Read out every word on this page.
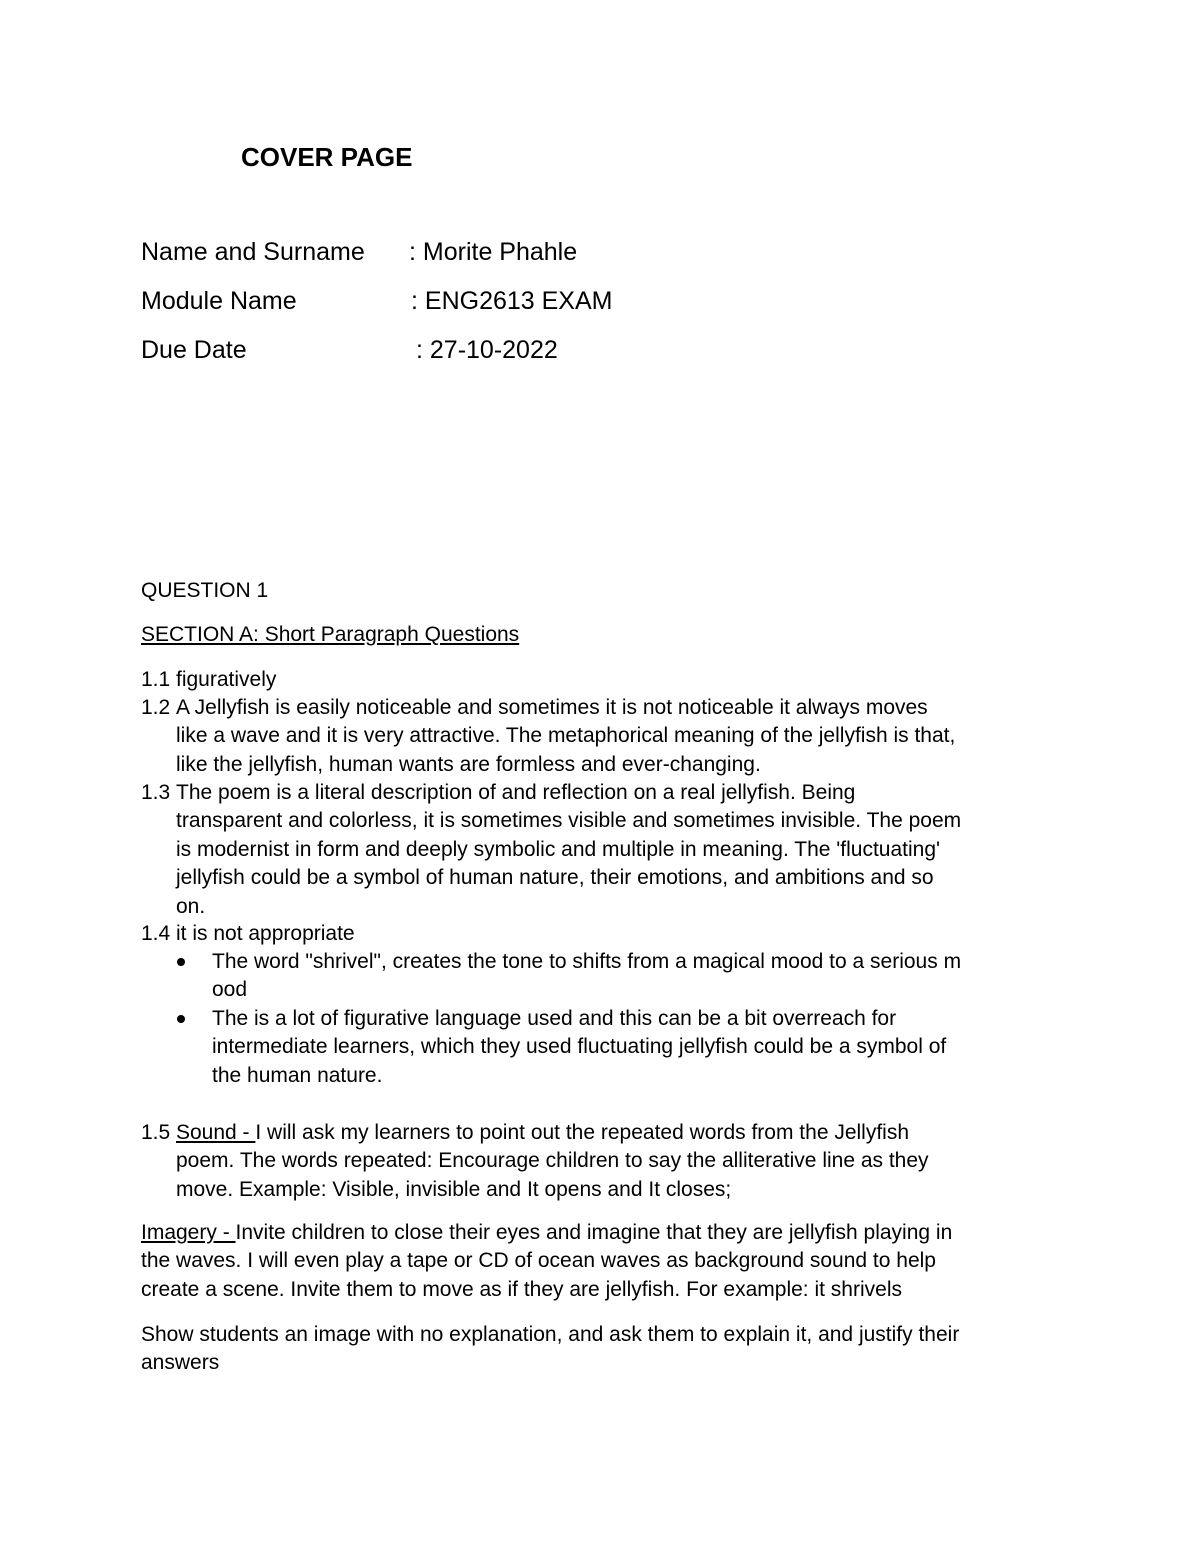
COVER PAGE
Name and Surname : Morite Phahle
Module Name	: ENG2613 EXAM
Due Date	: 27-10-2022
QUESTION 1
SECTION A: Short Paragraph Questions
1.1 figuratively
1.2 A Jellyfish is easily noticeable and sometimes it is not noticeable it always moves
like a wave and it is very attractive. The metaphorical meaning of the jellyfish is that,
like the jellyfish, human wants are formless and ever-changing.
1.3 The poem is a literal description of and reflection on a real jellyfish. Being
transparent and colorless, it is sometimes visible and sometimes invisible. The poem
is modernist in form and deeply symbolic and multiple in meaning. The 'fluctuating'
jellyfish could be a symbol of human nature, their emotions, and ambitions and so
on.
1.4 it is not appropriate
The word "shrivel", creates the tone to shifts from a magical mood to a serious m
ood
The is a lot of figurative language used and this can be a bit overreach for
intermediate learners, which they used fluctuating jellyfish could be a symbol of
the human nature.
1.5 Sound - I will ask my learners to point out the repeated words from the Jellyfish
poem. The words repeated: Encourage children to say the alliterative line as they
move. Example: Visible, invisible and It opens and It closes;
Imagery - Invite children to close their eyes and imagine that they are jellyfish playing in
the waves. I will even play a tape or CD of ocean waves as background sound to help
create a scene. Invite them to move as if they are jellyfish. For example: it shrivels
Show students an image with no explanation, and ask them to explain it, and justify their
answers
